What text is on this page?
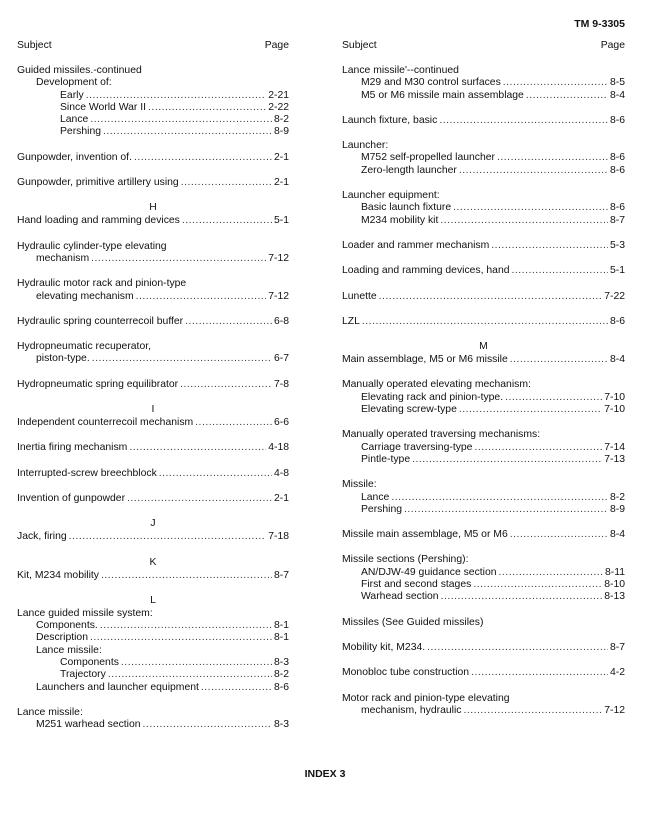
TM 9-3305
Subject	Page
Guided missiles.-continued
Development of:
Early .....	2-21
Since World War II .....	2-22
Lance .....	8-2
Pershing .....	8-9
Gunpowder, invention of. .....	2-1
Gunpowder, primitive artillery using .....	2-1
H
Hand loading and ramming devices .....	5-1
Hydraulic cylinder-type elevating
mechanism .....	7-12
Hydraulic motor rack and pinion-type
elevating mechanism .....	7-12
Hydraulic spring counterrecoil buffer .....	6-8
Hydropneumatic recuperator,
piston-type. .....	6-7
Hydropneumatic spring equilibrator .....	7-8
I
Independent counterrecoil mechanism .....	6-6
Inertia firing mechanism .....	4-18
Interrupted-screw breechblock .....	4-8
Invention of gunpowder .....	2-1
J
Jack, firing .....	7-18
K
Kit, M234 mobility .....	8-7
L
Lance guided missile system:
Components. .....	8-1
Description .....	8-1
Lance missile:
Components .....	8-3
Trajectory .....	8-2
Launchers and launcher equipment .....	8-6
Lance missile:
M251 warhead section .....	8-3
Subject	Page
Lance missile'--continued
M29 and M30 control surfaces .....	8-5
M5 or M6 missile main assemblage .....	8-4
Launch fixture, basic .....	8-6
Launcher:
M752 self-propelled launcher .....	8-6
Zero-length launcher .....	8-6
Launcher equipment:
Basic launch fixture .....	8-6
M234 mobility kit .....	8-7
Loader and rammer mechanism .....	5-3
Loading and ramming devices, hand .....	5-1
Lunette .....	7-22
LZL .....	8-6
M
Main assemblage, M5 or M6 missile .....	8-4
Manually operated elevating mechanism:
Elevating rack and pinion-type. .....	7-10
Elevating screw-type .....	7-10
Manually operated traversing mechanisms:
Carriage traversing-type .....	7-14
Pintle-type .....	7-13
Missile:
Lance .....	8-2
Pershing .....	8-9
Missile main assemblage, M5 or M6 .....	8-4
Missile sections (Pershing):
AN/DJW-49 guidance section .....	8-11
First and second stages .....	8-10
Warhead section .....	8-13
Missiles (See Guided missiles)
Mobility kit, M234. .....	8-7
Monobloc tube construction .....	4-2
Motor rack and pinion-type elevating
mechanism, hydraulic .....	7-12
INDEX 3
